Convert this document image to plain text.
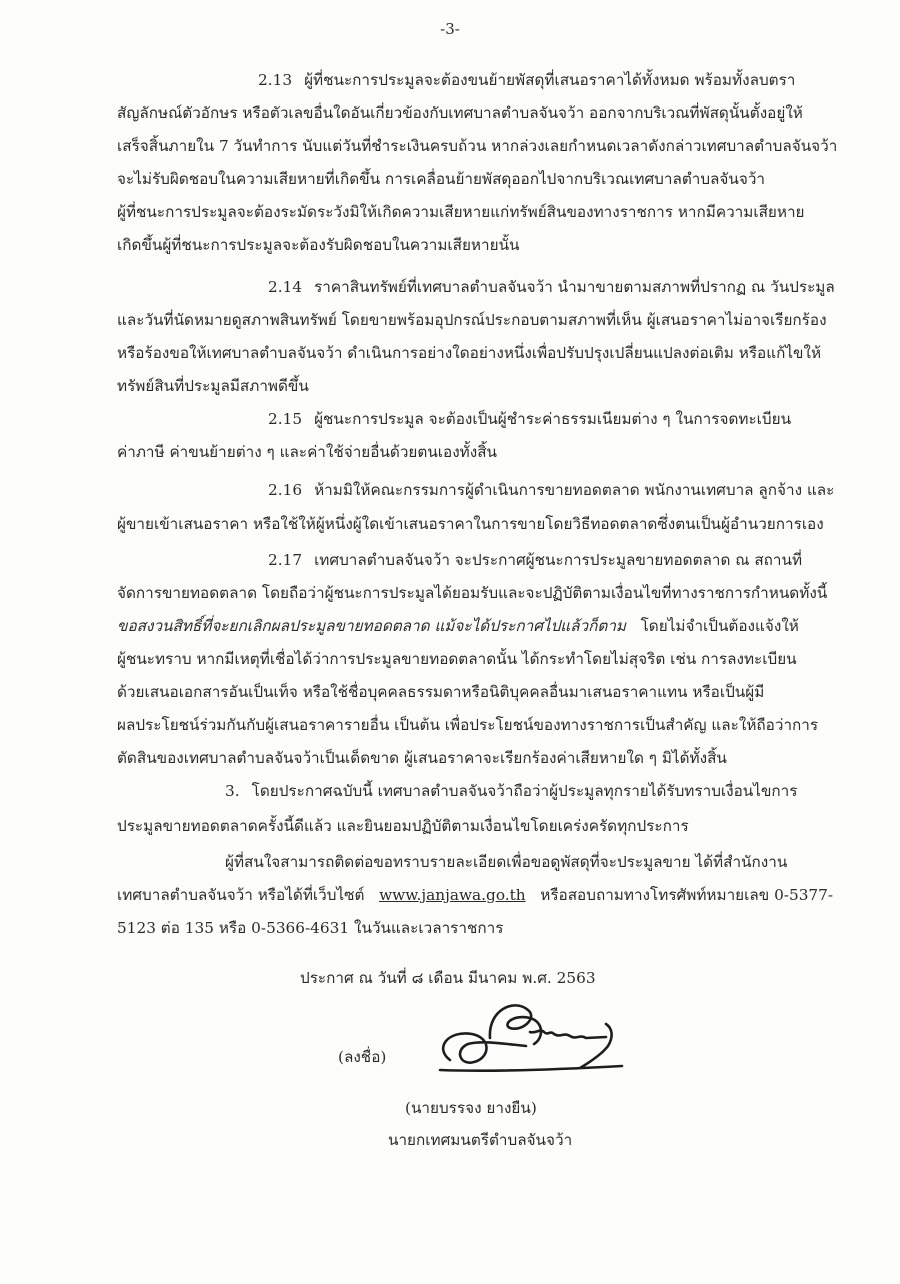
-3-
2.13 ผู้ที่ชนะการประมูลจะต้องขนย้ายพัสดุที่เสนอราคาได้ทั้งหมด พร้อมทั้งลบตรา
สัญลักษณ์ตัวอักษร หรือตัวเลขอื่นใดอันเกี่ยวข้องกับเทศบาลตำบลจันจว้า ออกจากบริเวณที่พัสดุนั้นตั้งอยู่ให้
เสร็จสิ้นภายใน 7 วันทำการ นับแต่วันที่ชำระเงินครบถ้วน หากล่วงเลยกำหนดเวลาดังกล่าวเทศบาลตำบลจันจว้า
จะไม่รับผิดชอบในความเสียหายที่เกิดขึ้น การเคลื่อนย้ายพัสดุออกไปจากบริเวณเทศบาลตำบลจันจว้า
ผู้ที่ชนะการประมูลจะต้องระมัดระวังมิให้เกิดความเสียหายแก่ทรัพย์สินของทางราชการ หากมีความเสียหาย
เกิดขึ้นผู้ที่ชนะการประมูลจะต้องรับผิดชอบในความเสียหายนั้น
2.14 ราคาสินทรัพย์ที่เทศบาลตำบลจันจว้า นำมาขายตามสภาพที่ปรากฏ ณ วันประมูล
และวันที่นัดหมายดูสภาพสินทรัพย์ โดยขายพร้อมอุปกรณ์ประกอบตามสภาพที่เห็น ผู้เสนอราคาไม่อาจเรียกร้อง
หรือร้องขอให้เทศบาลตำบลจันจว้า ดำเนินการอย่างใดอย่างหนึ่งเพื่อปรับปรุงเปลี่ยนแปลงต่อเติม หรือแก้ไขให้
ทรัพย์สินที่ประมูลมีสภาพดีขึ้น
2.15 ผู้ชนะการประมูล จะต้องเป็นผู้ชำระค่าธรรมเนียมต่าง ๆ ในการจดทะเบียน
ค่าภาษี ค่าขนย้ายต่าง ๆ และค่าใช้จ่ายอื่นด้วยตนเองทั้งสิ้น
2.16 ห้ามมิให้คณะกรรมการผู้ดำเนินการขายทอดตลาด พนักงานเทศบาล ลูกจ้าง และ
ผู้ขายเข้าเสนอราคา หรือใช้ให้ผู้หนึ่งผู้ใดเข้าเสนอราคาในการขายโดยวิธีทอดตลาดซึ่งตนเป็นผู้อำนวยการเอง
2.17 เทศบาลตำบลจันจว้า จะประกาศผู้ชนะการประมูลขายทอดตลาด ณ สถานที่
จัดการขายทอดตลาด โดยถือว่าผู้ชนะการประมูลได้ยอมรับและจะปฏิบัติตามเงื่อนไขที่ทางราชการกำหนดทั้งนี้
ขอสงวนสิทธิ์ที่จะยกเลิกผลประมูลขายทอดตลาด แม้จะได้ประกาศไปแล้วก็ตาม โดยไม่จำเป็นต้องแจ้งให้
ผู้ชนะทราบ หากมีเหตุที่เชื่อได้ว่าการประมูลขายทอดตลาดนั้น ได้กระทำโดยไม่สุจริต เช่น การลงทะเบียน
ด้วยเสนอเอกสารอันเป็นเท็จ หรือใช้ชื่อบุคคลธรรมดาหรือนิติบุคคลอื่นมาเสนอราคาแทน หรือเป็นผู้มี
ผลประโยชน์ร่วมกันกับผู้เสนอราคารายอื่น เป็นต้น เพื่อประโยชน์ของทางราชการเป็นสำคัญ และให้ถือว่าการ
ตัดสินของเทศบาลตำบลจันจว้าเป็นเด็ดขาด ผู้เสนอราคาจะเรียกร้องค่าเสียหายใด ๆ มิได้ทั้งสิ้น
3. โดยประกาศฉบับนี้ เทศบาลตำบลจันจว้าถือว่าผู้ประมูลทุกรายได้รับทราบเงื่อนไขการ
ประมูลขายทอดตลาดครั้งนี้ดีแล้ว และยินยอมปฏิบัติตามเงื่อนไขโดยเคร่งครัดทุกประการ
ผู้ที่สนใจสามารถติดต่อขอทราบรายละเอียดเพื่อขอดูพัสดุที่จะประมูลขาย ได้ที่สำนักงาน
เทศบาลตำบลจันจว้า หรือได้ที่เว็บไซต์ www.janjawa.go.th หรือสอบถามทางโทรศัพท์หมายเลข 0-5377-
5123 ต่อ 135 หรือ 0-5366-4631 ในวันและเวลาราชการ
ประกาศ ณ วันที่ ๘ เดือน มีนาคม พ.ศ. 2563
(ลงชื่อ)
(นายบรรจง ยางยืน)
นายกเทศมนตรีตำบลจันจว้า
